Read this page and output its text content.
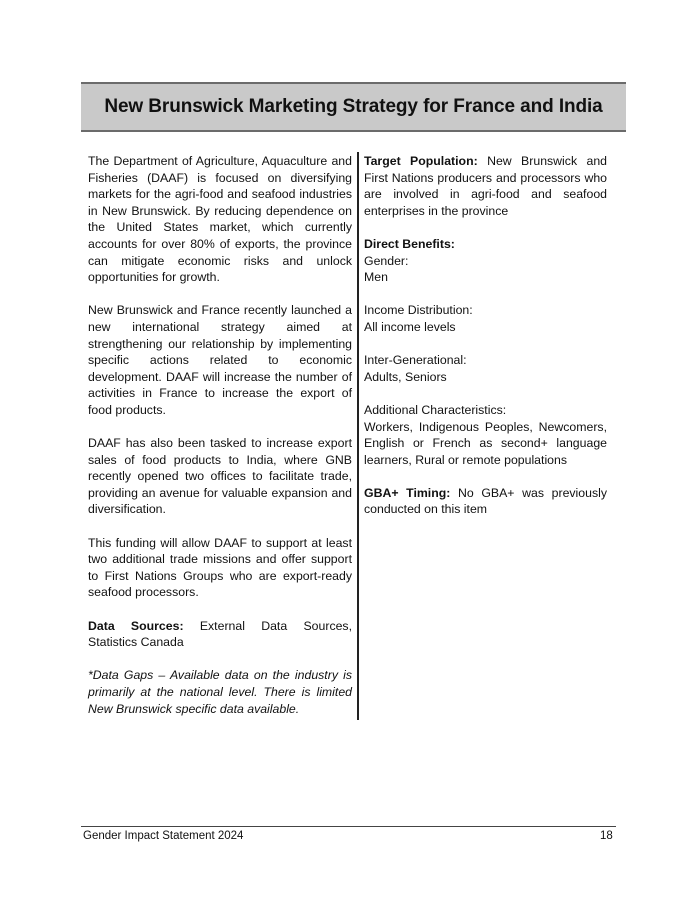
New Brunswick Marketing Strategy for France and India

The Department of Agriculture, Aquaculture and Fisheries (DAAF) is focused on diversifying markets for the agri-food and seafood industries in New Brunswick. By reducing dependence on the United States market, which currently accounts for over 80% of exports, the province can mitigate economic risks and unlock opportunities for growth.

New Brunswick and France recently launched a new international strategy aimed at strengthening our relationship by implementing specific actions related to economic development. DAAF will increase the number of activities in France to increase the export of food products.

DAAF has also been tasked to increase export sales of food products to India, where GNB recently opened two offices to facilitate trade, providing an avenue for valuable expansion and diversification.

This funding will allow DAAF to support at least two additional trade missions and offer support to First Nations Groups who are export-ready seafood processors.

Data Sources: External Data Sources, Statistics Canada

*Data Gaps – Available data on the industry is primarily at the national level. There is limited New Brunswick specific data available.

Target Population: New Brunswick and First Nations producers and processors who are involved in agri-food and seafood enterprises in the province

Direct Benefits:
Gender:
Men
Income Distribution:
All income levels
Inter-Generational:
Adults, Seniors
Additional Characteristics:
Workers, Indigenous Peoples, Newcomers, English or French as second+ language learners, Rural or remote populations

GBA+ Timing: No GBA+ was previously conducted on this item

Gender Impact Statement 2024	18
